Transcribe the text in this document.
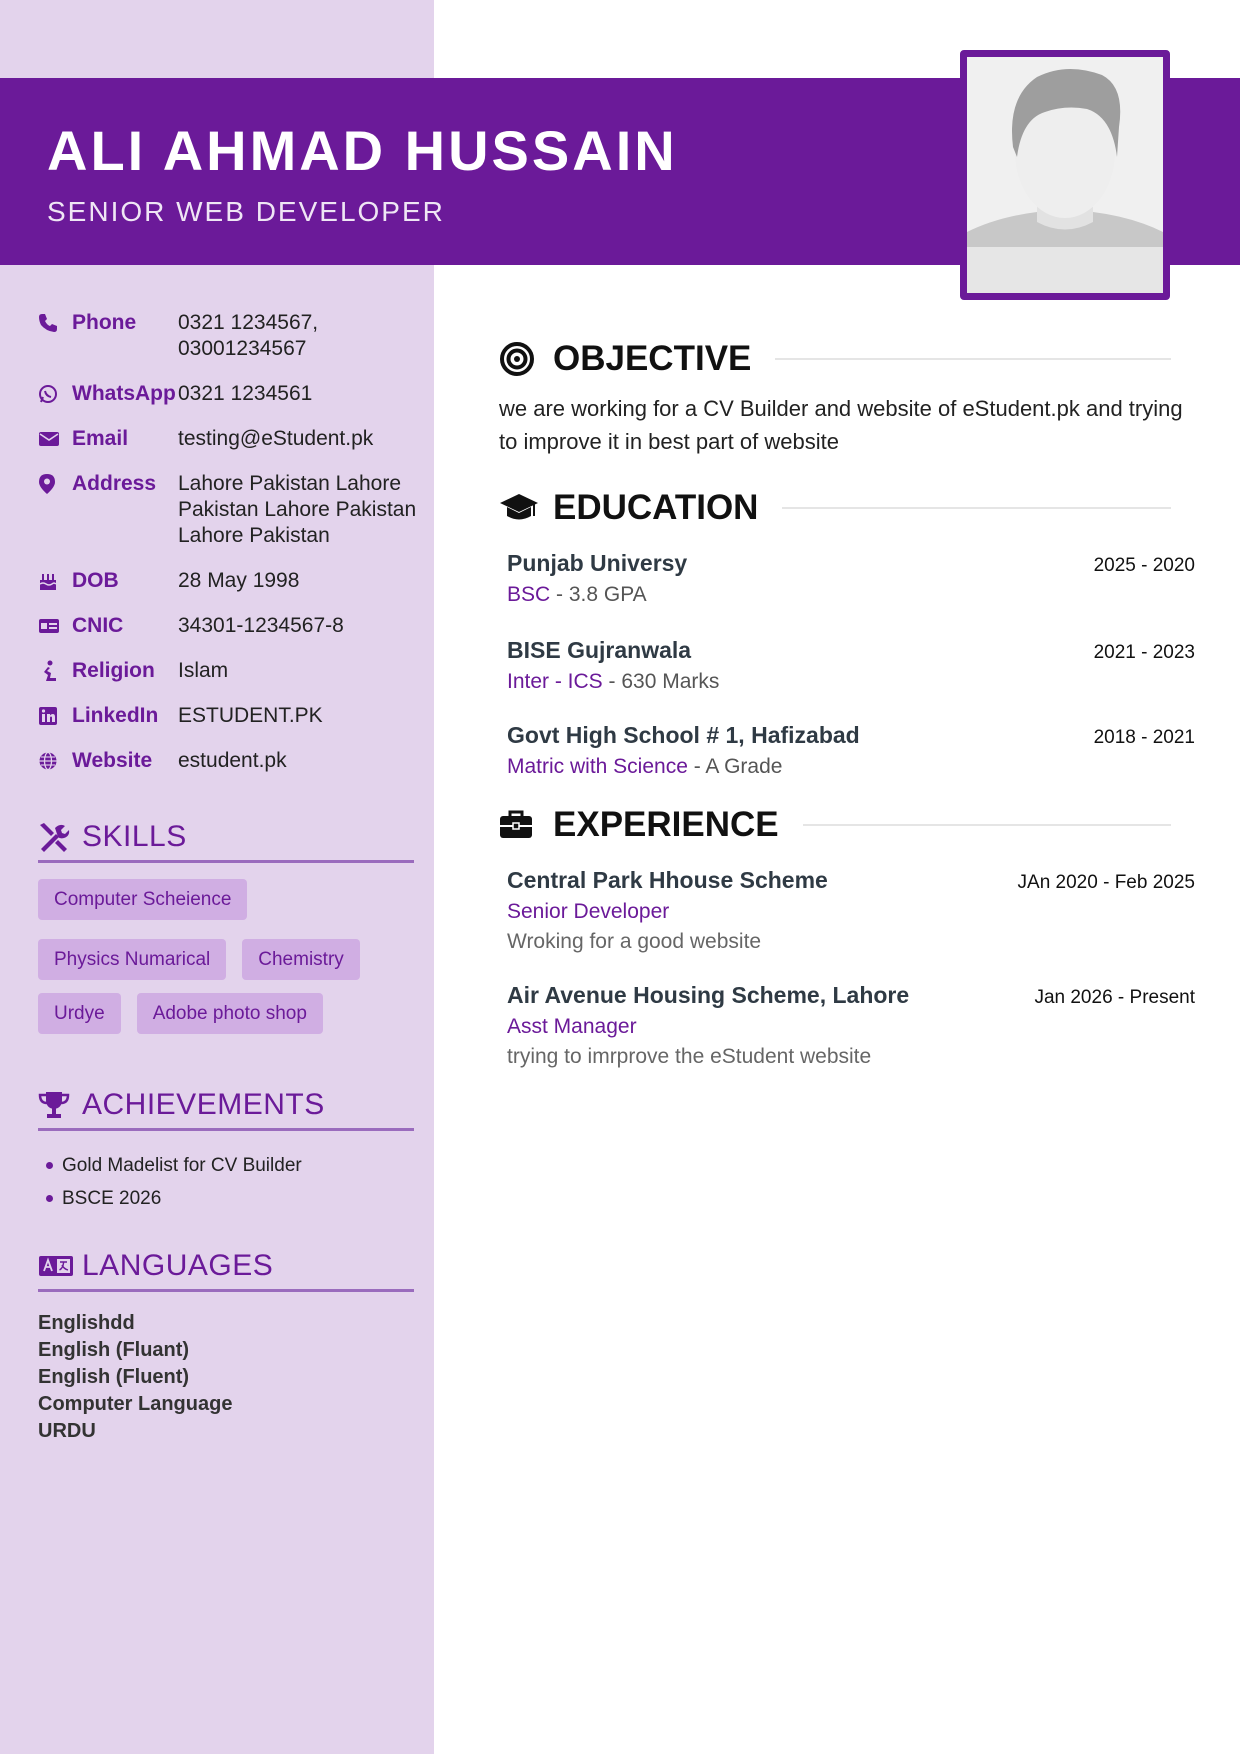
ALI AHMAD HUSSAIN
SENIOR WEB DEVELOPER
Phone	0321 1234567, 03001234567
WhatsApp 0321 1234561
Email	testing@eStudent.pk
Address	Lahore Pakistan Lahore Pakistan Lahore Pakistan Lahore Pakistan
DOB	28 May 1998
CNIC	34301-1234567-8
Religion	Islam
LinkedIn ESTUDENT.PK
Website	estudent.pk
SKILLS
Computer Scheience
Physics Numarical	Chemistry
Urdye	Adobe photo shop
ACHIEVEMENTS
Gold Madelist for CV Builder
BSCE 2026
LANGUAGES
Englishdd
English (Fluant)
English (Fluent)
Computer Language
URDU
OBJECTIVE

we are working for a CV Builder and website of eStudent.pk and trying to improve it in best part of website

EDUCATION
Punjab Universy	2025 - 2020
BSC - 3.8 GPA
BISE Gujranwala	2021 - 2023
Inter - ICS - 630 Marks
Govt High School # 1, Hafizabad	2018 - 2021
Matric with Science - A Grade
EXPERIENCE
Central Park Hhouse Scheme	JAn 2020 - Feb 2025
Senior Developer
Wroking for a good website
Air Avenue Housing Scheme, Lahore	Jan 2026 - Present
Asst Manager
trying to imrprove the eStudent website
